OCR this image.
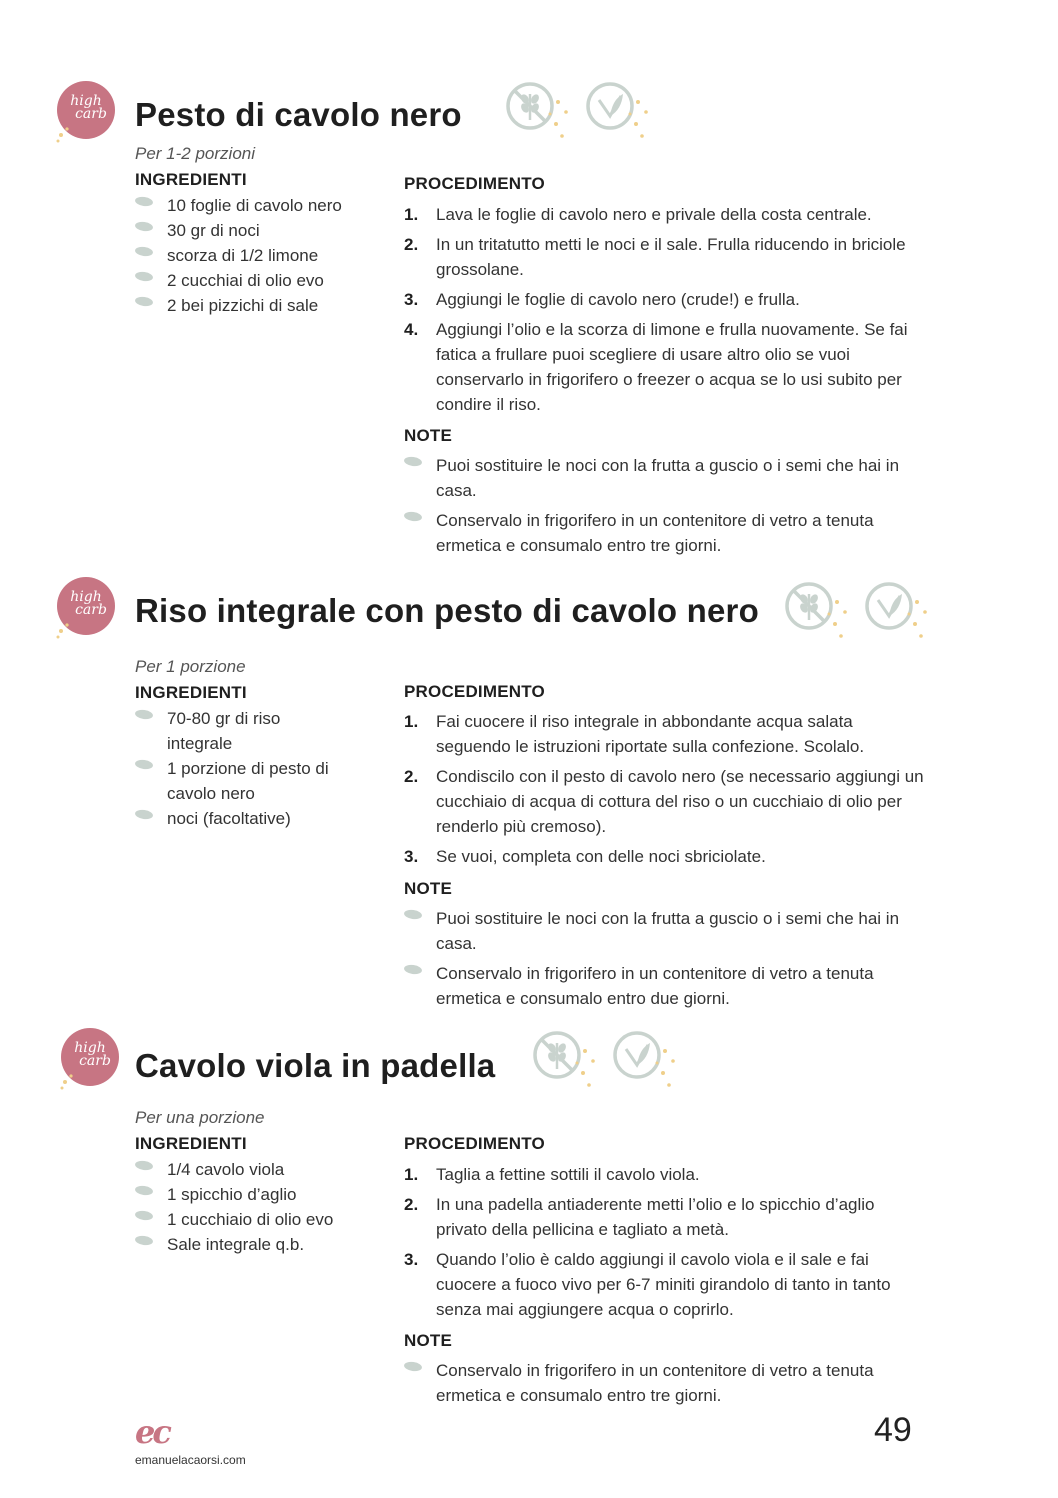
high
carb Pesto di cavolo nero
Per 1-2 porzioni
INGREDIENTI
10 foglie di cavolo nero
30 gr di noci
scorza di 1/2 limone
2 cucchiai di olio evo
2 bei pizzichi di sale
PROCEDIMENTO
1. Lava le foglie di cavolo nero e privale della costa centrale.
2. In un tritatutto metti le noci e il sale. Frulla riducendo in briciole grossolane.
3. Aggiungi le foglie di cavolo nero (crude!) e frulla.
4. Aggiungi l’olio e la scorza di limone e frulla nuovamente. Se fai fatica a frullare puoi scegliere di usare altro olio se vuoi conservarlo in frigorifero o freezer o acqua se lo usi subito per condire il riso.
NOTE
Puoi sostituire le noci con la frutta a guscio o i semi che hai in casa.
Conservalo in frigorifero in un contenitore di vetro a tenuta ermetica e consumalo entro tre giorni.
high
carb Riso integrale con pesto di cavolo nero
Per 1 porzione
INGREDIENTI
70-80 gr di riso integrale
1 porzione di pesto di cavolo nero
noci (facoltative)
PROCEDIMENTO
1. Fai cuocere il riso integrale in abbondante acqua salata seguendo le istruzioni riportate sulla confezione. Scolalo.
2. Condiscilo con il pesto di cavolo nero (se necessario aggiungi un cucchiaio di acqua di cottura del riso o un cucchiaio di olio per renderlo più cremoso).
3. Se vuoi, completa con delle noci sbriciolate.
NOTE
Puoi sostituire le noci con la frutta a guscio o i semi che hai in casa.
Conservalo in frigorifero in un contenitore di vetro a tenuta ermetica e consumalo entro due giorni.
high
carb Cavolo viola in padella
Per una porzione
INGREDIENTI
1/4 cavolo viola
1 spicchio d’aglio
1 cucchiaio di olio evo
Sale integrale q.b.
PROCEDIMENTO
1. Taglia a fettine sottili il cavolo viola.
2. In una padella antiaderente metti l’olio e lo spicchio d’aglio privato della pellicina e tagliato a metà.
3. Quando l’olio è caldo aggiungi il cavolo viola e il sale e fai cuocere a fuoco vivo per 6-7 miniti girandolo di tanto in tanto senza mai aggiungere acqua o coprirlo.
NOTE
Conservalo in frigorifero in un contenitore di vetro a tenuta ermetica e consumalo entro tre giorni.
ec
emanuelacaorsi.com
49
